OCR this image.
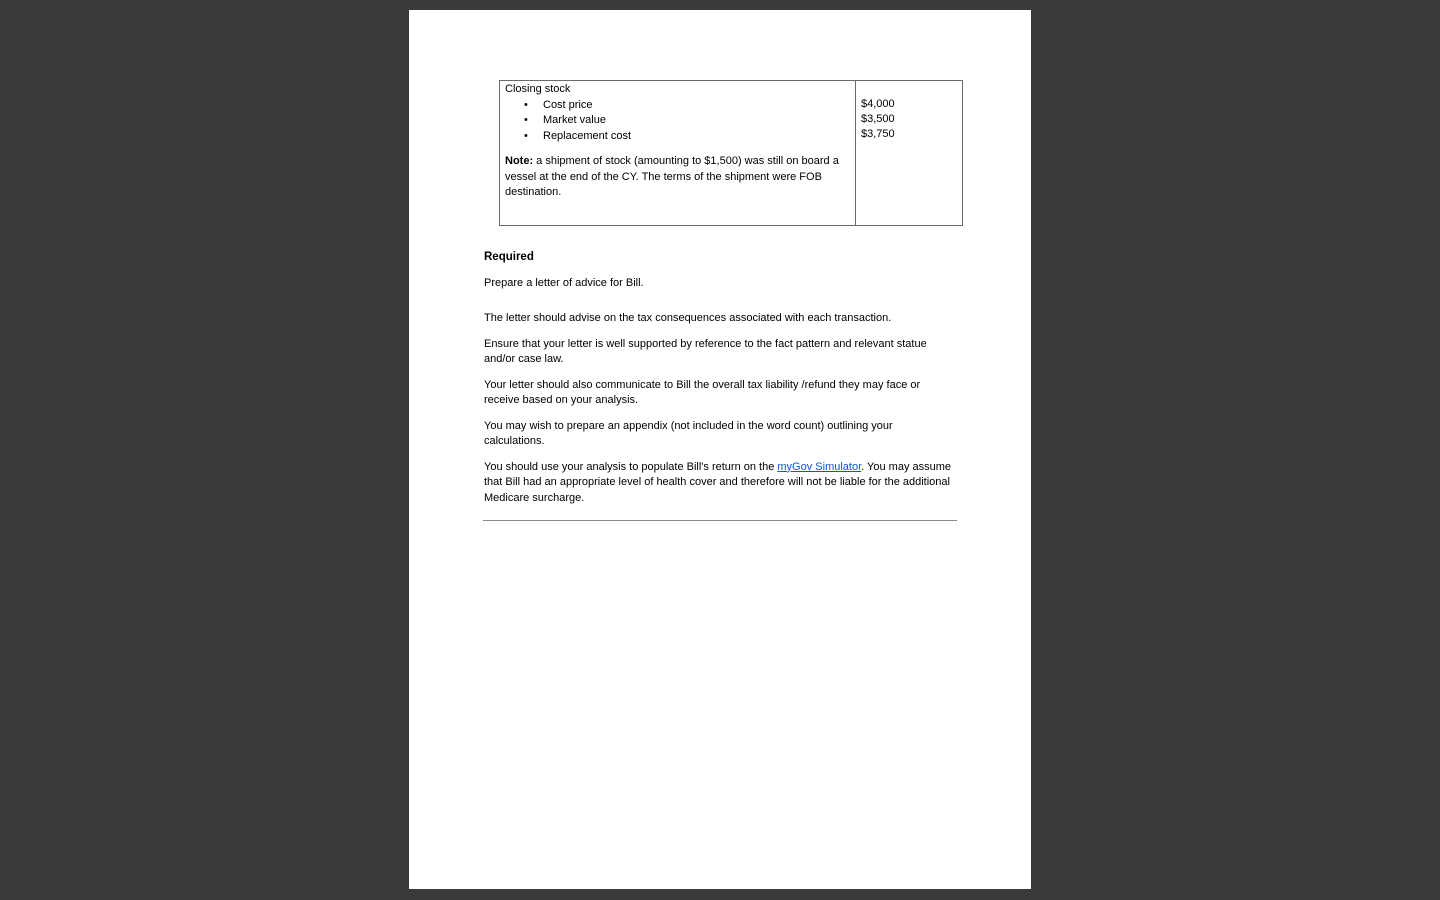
Closing stock
• Cost price
• Market value
• Replacement cost
Note: a shipment of stock (amounting to $1,500) was still on board a vessel at the end of the CY. The terms of the shipment were FOB destination.
$4,000
$3,500
$3,750

Required

Prepare a letter of advice for Bill.

The letter should advise on the tax consequences associated with each transaction.

Ensure that your letter is well supported by reference to the fact pattern and relevant statue and/or case law.

Your letter should also communicate to Bill the overall tax liability /refund they may face or receive based on your analysis.

You may wish to prepare an appendix (not included in the word count) outlining your calculations.

You should use your analysis to populate Bill's return on the myGov Simulator. You may assume that Bill had an appropriate level of health cover and therefore will not be liable for the additional Medicare surcharge.
